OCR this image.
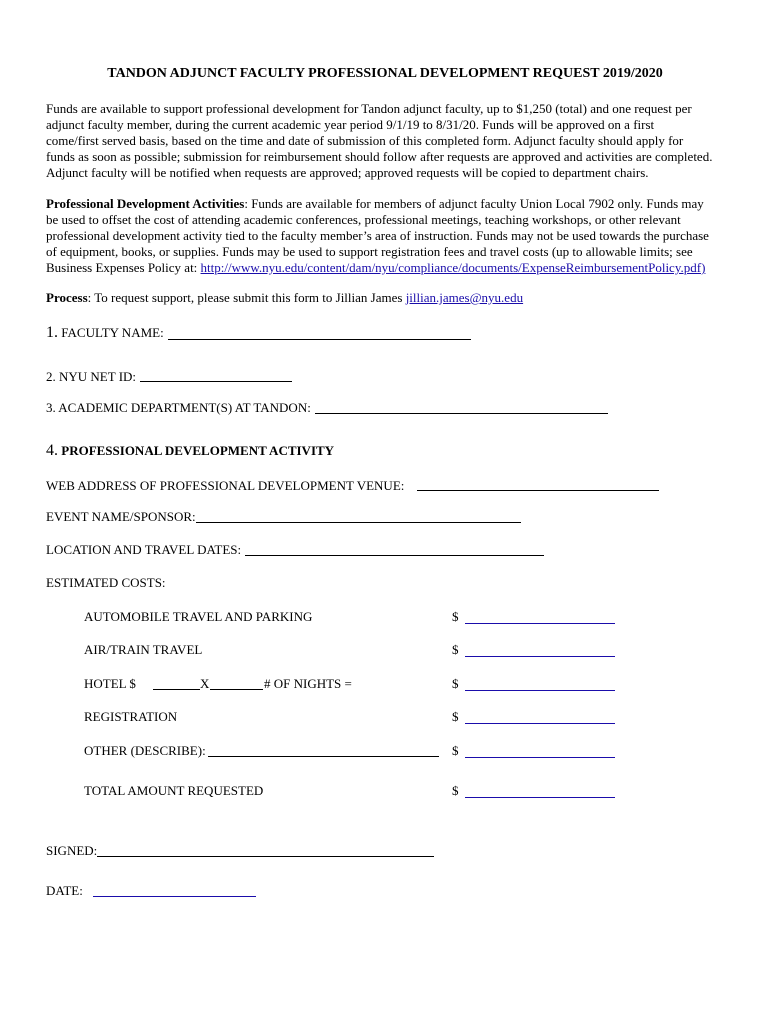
TANDON ADJUNCT FACULTY PROFESSIONAL DEVELOPMENT REQUEST 2019/2020
Funds are available to support professional development for Tandon adjunct faculty, up to $1,250 (total) and one request per
adjunct faculty member, during the current academic year period 9/1/19 to 8/31/20. Funds will be approved on a first
come/first served basis, based on the time and date of submission of this completed form. Adjunct faculty should apply for
funds as soon as possible; submission for reimbursement should follow after requests are approved and activities are completed.
Adjunct faculty will be notified when requests are approved; approved requests will be copied to department chairs.
Professional Development Activities: Funds are available for members of adjunct faculty Union Local 7902 only. Funds may
be used to offset the cost of attending academic conferences, professional meetings, teaching workshops, or other relevant
professional development activity tied to the faculty member’s area of instruction. Funds may not be used towards the purchase
of equipment, books, or supplies. Funds may be used to support registration fees and travel costs (up to allowable limits; see
Business Expenses Policy at: http://www.nyu.edu/content/dam/nyu/compliance/documents/ExpenseReimbursementPolicy.pdf)
Process: To request support, please submit this form to Jillian James jillian.james@nyu.edu
1. FACULTY NAME:
2. NYU NET ID:
3. ACADEMIC DEPARTMENT(S) AT TANDON:
4. PROFESSIONAL DEVELOPMENT ACTIVITY
WEB ADDRESS OF PROFESSIONAL DEVELOPMENT VENUE:
EVENT NAME/SPONSOR:
LOCATION AND TRAVEL DATES:
ESTIMATED COSTS:
AUTOMOBILE TRAVEL AND PARKING	$
AIR/TRAIN TRAVEL	$
HOTEL $	X	# OF NIGHTS =	$
REGISTRATION	$
OTHER (DESCRIBE):	$
TOTAL AMOUNT REQUESTED	$
SIGNED:
DATE:
